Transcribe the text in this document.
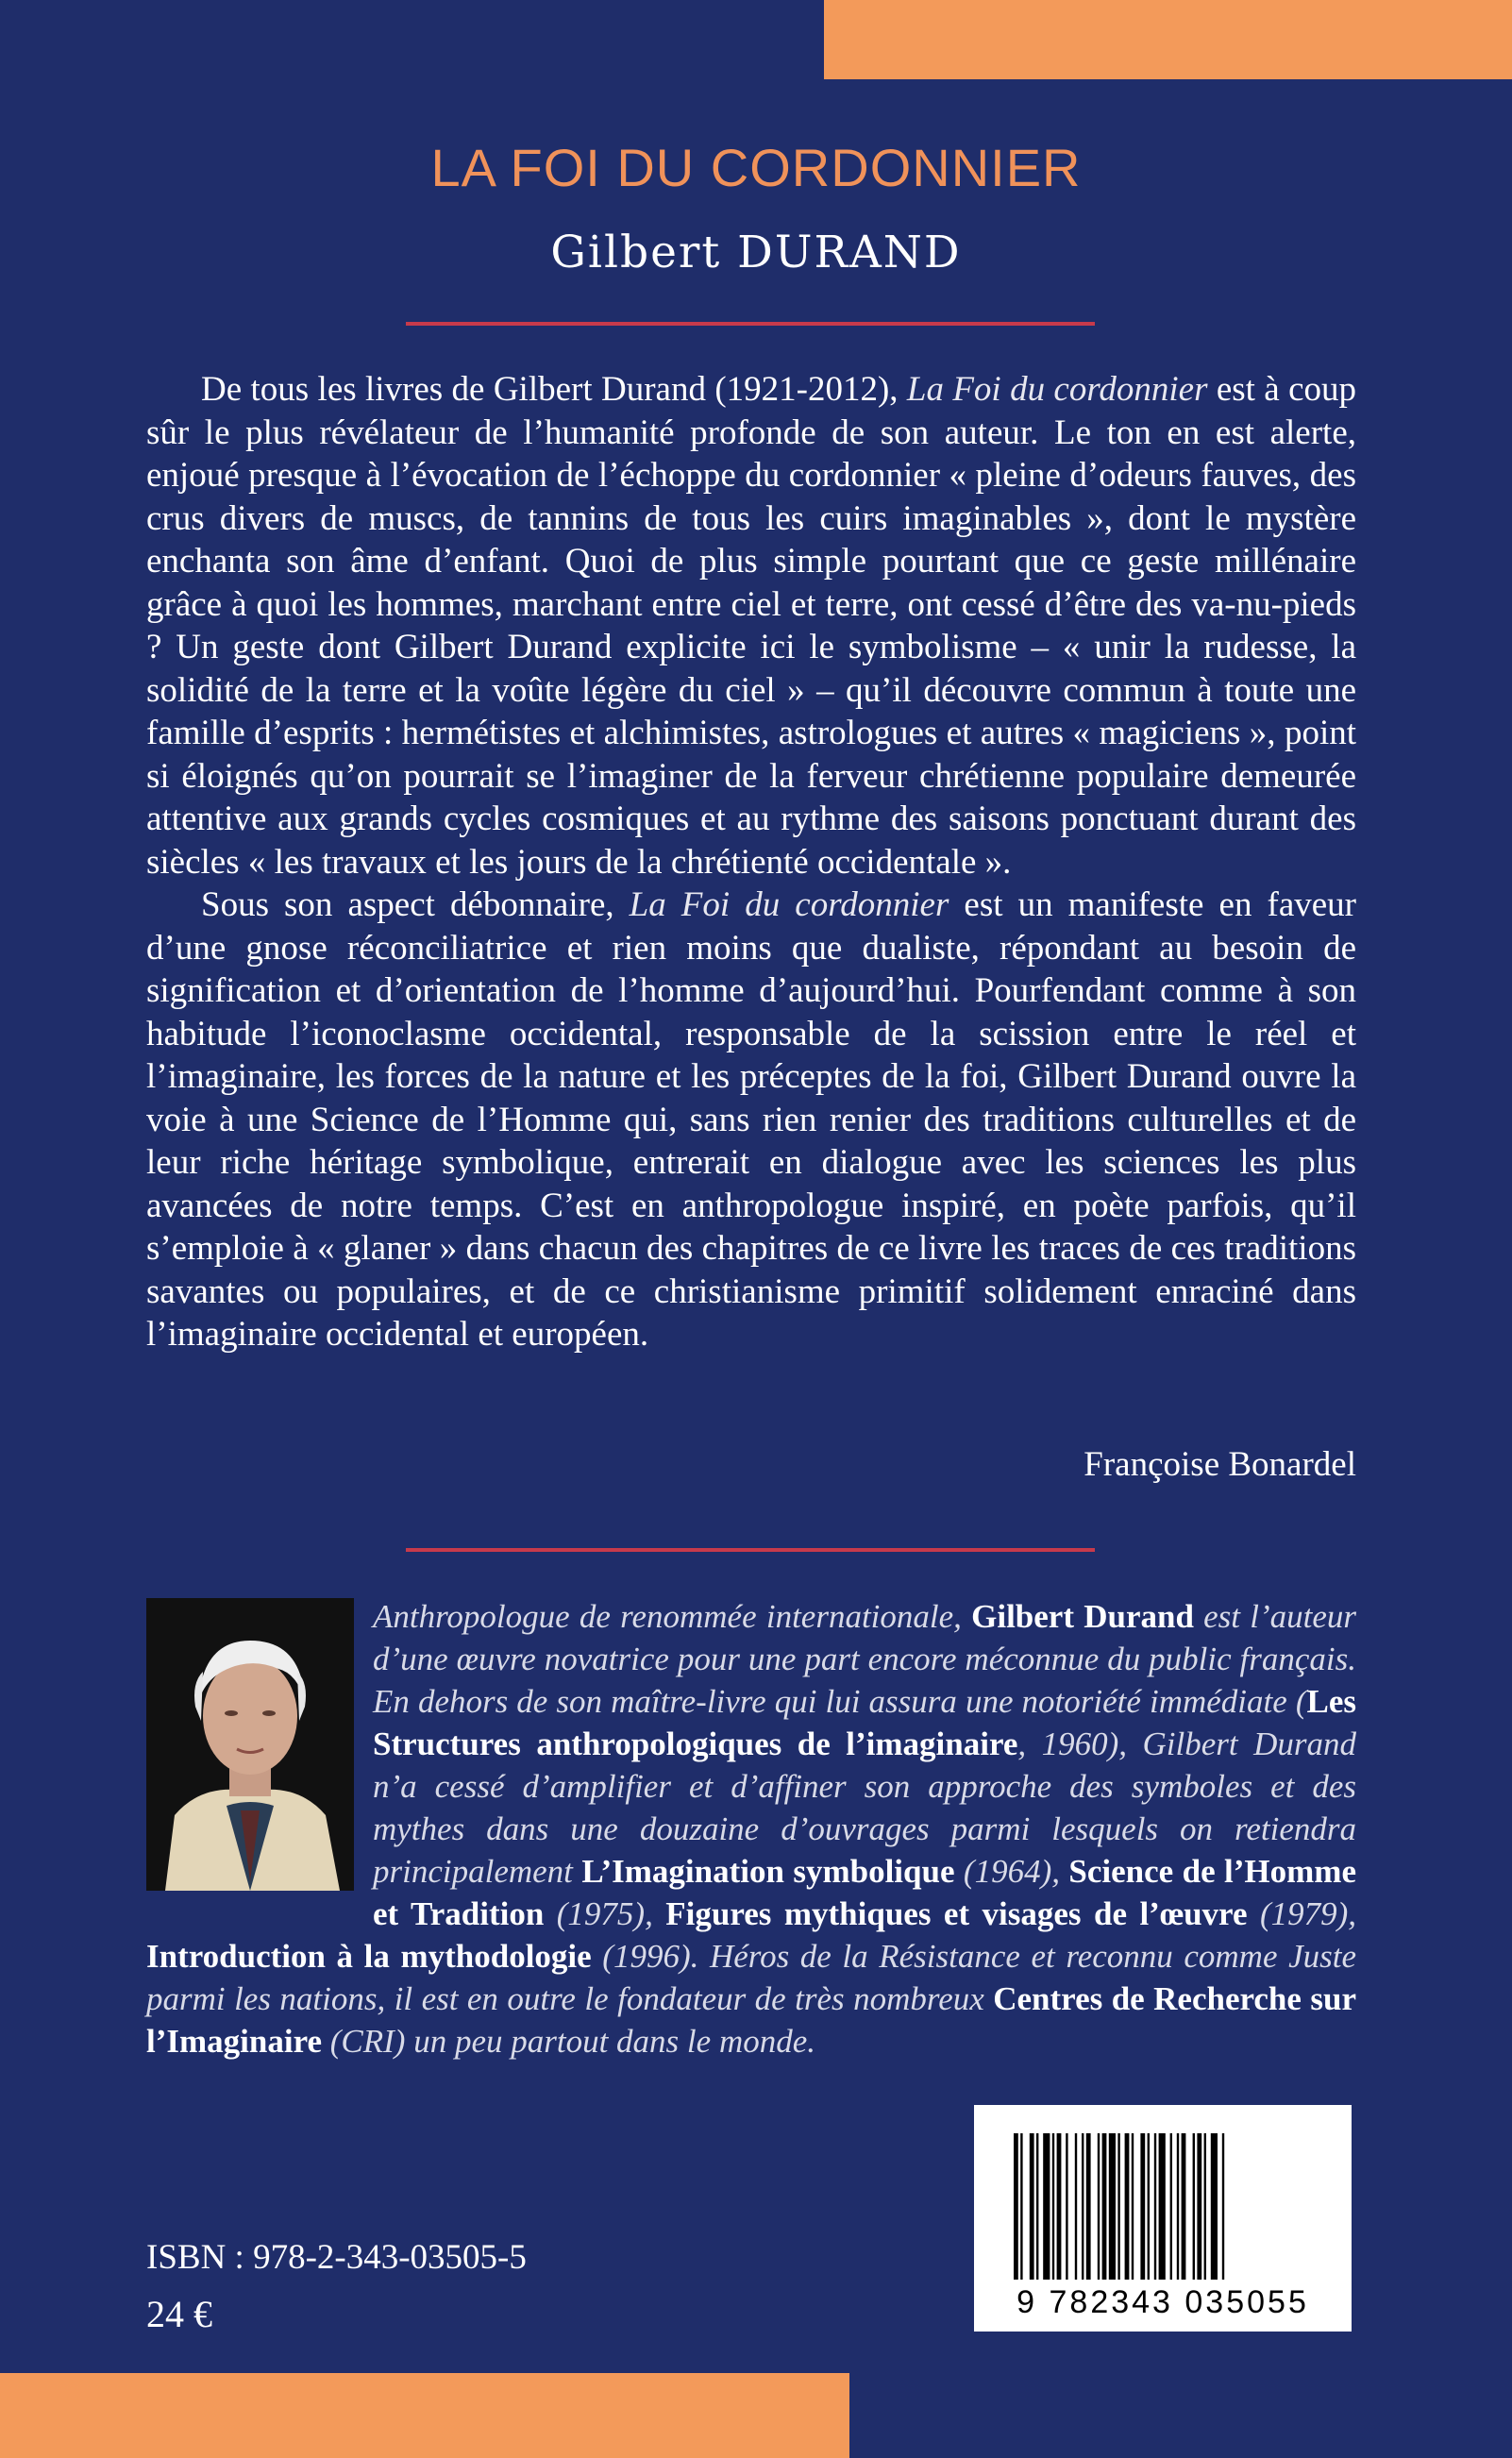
LA FOI DU CORDONNIER
Gilbert DURAND

De tous les livres de Gilbert Durand (1921-2012), La Foi du cordonnier est à coup sûr le plus révélateur de l’humanité profonde de son auteur. Le ton en est alerte, enjoué presque à l’évocation de l’échoppe du cordonnier « pleine d’odeurs fauves, des crus divers de muscs, de tannins de tous les cuirs imaginables », dont le mystère enchanta son âme d’enfant. Quoi de plus simple pourtant que ce geste millénaire grâce à quoi les hommes, marchant entre ciel et terre, ont cessé d’être des va-nu-pieds ? Un geste dont Gilbert Durand explicite ici le symbolisme – « unir la rudesse, la solidité de la terre et la voûte légère du ciel » – qu’il découvre commun à toute une famille d’esprits : hermétistes et alchimistes, astrologues et autres « magiciens », point si éloignés qu’on pourrait se l’imaginer de la ferveur chrétienne populaire demeurée attentive aux grands cycles cosmiques et au rythme des saisons ponctuant durant des siècles « les travaux et les jours de la chrétienté occidentale ».

Sous son aspect débonnaire, La Foi du cordonnier est un manifeste en faveur d’une gnose réconciliatrice et rien moins que dualiste, répondant au besoin de signification et d’orientation de l’homme d’aujourd’hui. Pourfendant comme à son habitude l’iconoclasme occidental, responsable de la scission entre le réel et l’imaginaire, les forces de la nature et les préceptes de la foi, Gilbert Durand ouvre la voie à une Science de l’Homme qui, sans rien renier des traditions culturelles et de leur riche héritage symbolique, entrerait en dialogue avec les sciences les plus avancées de notre temps. C’est en anthropologue inspiré, en poète parfois, qu’il s’emploie à « glaner » dans chacun des chapitres de ce livre les traces de ces traditions savantes ou populaires, et de ce christianisme primitif solidement enraciné dans l’imaginaire occidental et européen.

Françoise Bonardel
Anthropologue de renommée internationale, Gilbert Durand est l’auteur d’une œuvre novatrice pour une part encore méconnue du public français. En dehors de son maître-livre qui lui assura une notoriété immédiate (Les Structures anthropologiques de l’imaginaire, 1960), Gilbert Durand n’a cessé d’amplifier et d’affiner son approche des symboles et des mythes dans une douzaine d’ouvrages parmi lesquels on retiendra principalement L’Imagination symbolique (1964), Science de l’Homme et Tradition (1975), Figures mythiques et visages de l’œuvre (1979), Introduction à la mythodologie (1996). Héros de la Résistance et reconnu comme Juste parmi les nations, il est en outre le fondateur de très nombreux Centres de Recherche sur l’Imaginaire (CRI) un peu partout dans le monde.
ISBN : 978-2-343-03505-5
24 €	9 782343 035055
